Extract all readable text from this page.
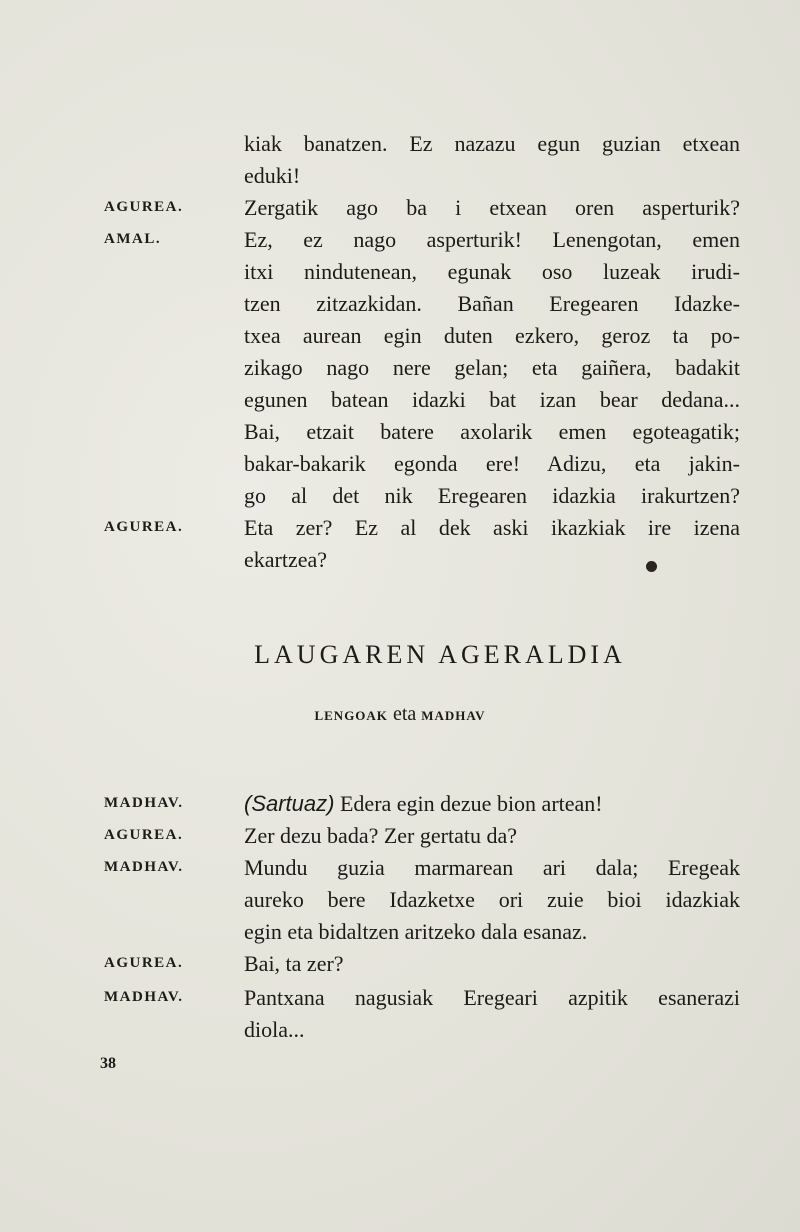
kiak banatzen. Ez nazazu egun guzian etxean
eduki!
AGUREA.	Zergatik ago ba i etxean oren asperturik?
AMAL.	Ez, ez nago asperturik! Lenengotan, emen
itxi nindutenean, egunak oso luzeak irudi-
tzen zitzazkidan. Bañan Eregearen Idazke-
txea aurean egin duten ezkero, geroz ta po-
zikago nago nere gelan; eta gaiñera, badakit
egunen batean idazki bat izan bear dedana...
Bai, etzait batere axolarik emen egoteagatik;
bakar-bakarik egonda ere! Adizu, eta jakin-
go al det nik Eregearen idazkia irakurtzen?
AGUREA.	Eta zer? Ez al dek aski ikazkiak ire izena
ekartzea?
LAUGAREN AGERALDIA
LENGOAK eta MADHAV
MADHAV.	(Sartuaz) Edera egin dezue bion artean!
AGUREA.	Zer dezu bada? Zer gertatu da?
MADHAV.	Mundu guzia marmarean ari dala; Eregeak
aureko bere Idazketxe ori zuie bioi idazkiak
egin eta bidaltzen aritzeko dala esanaz.
AGUREA.	Bai, ta zer?
MADHAV.	Pantxana nagusiak Eregeari azpitik esanerazi
diola...
38
